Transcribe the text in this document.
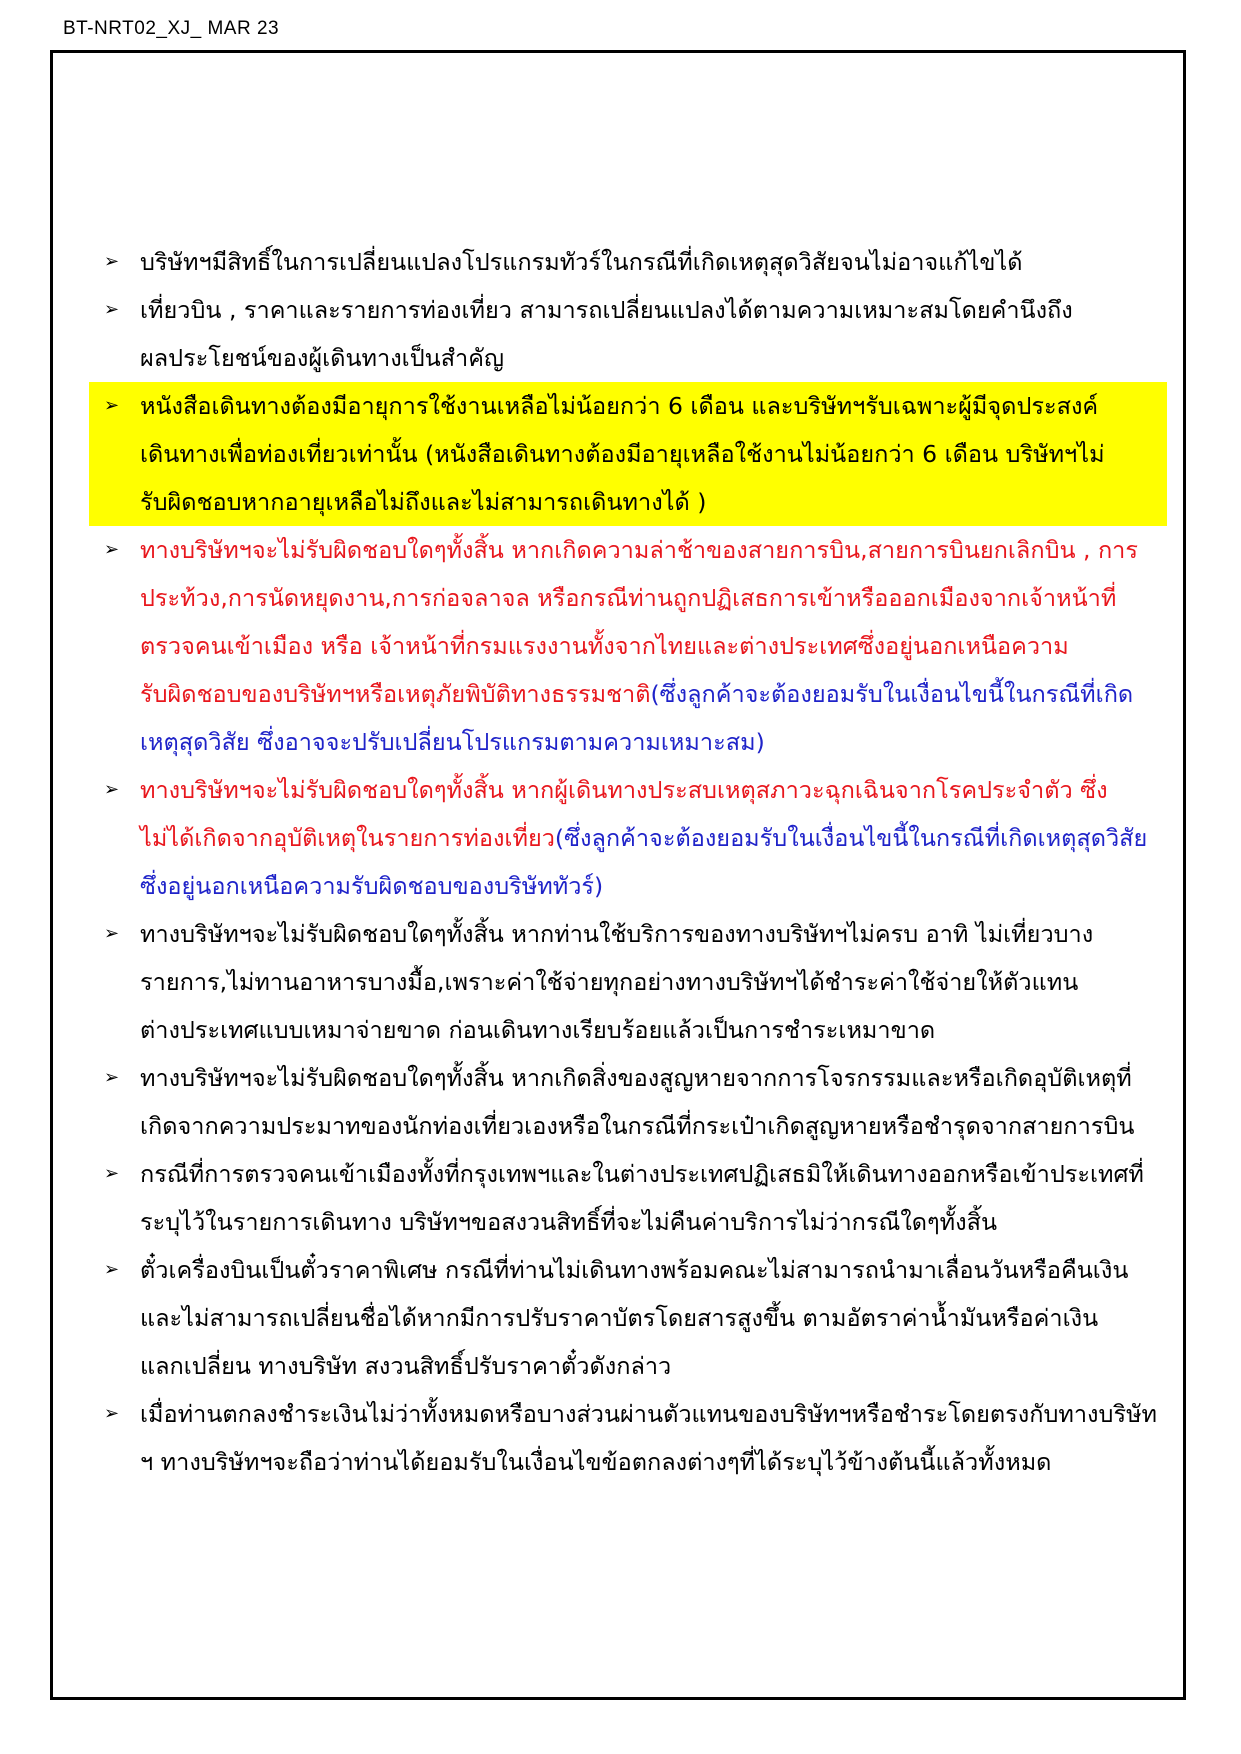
BT-NRT02_XJ_ MAR 23
➢ บริษัทฯมีสิทธิ์ในการเปลี่ยนแปลงโปรแกรมทัวร์ในกรณีที่เกิดเหตุสุดวิสัยจนไม่อาจแก้ไขได้
➢ เที่ยวบิน , ราคาและรายการท่องเที่ยว สามารถเปลี่ยนแปลงได้ตามความเหมาะสมโดยคำนึงถึง
ผลประโยชน์ของผู้เดินทางเป็นสำคัญ
➢ หนังสือเดินทางต้องมีอายุการใช้งานเหลือไม่น้อยกว่า 6 เดือน และบริษัทฯรับเฉพาะผู้มีจุดประสงค์
เดินทางเพื่อท่องเที่ยวเท่านั้น (หนังสือเดินทางต้องมีอายุเหลือใช้งานไม่น้อยกว่า 6 เดือน บริษัทฯไม่
รับผิดชอบหากอายุเหลือไม่ถึงและไม่สามารถเดินทางได้ )
➢ ทางบริษัทฯจะไม่รับผิดชอบใดๆทั้งสิ้น หากเกิดความล่าช้าของสายการบิน,สายการบินยกเลิกบิน , การ
ประท้วง,การนัดหยุดงาน,การก่อจลาจล หรือกรณีท่านถูกปฏิเสธการเข้าหรือออกเมืองจากเจ้าหน้าที่
ตรวจคนเข้าเมือง หรือ เจ้าหน้าที่กรมแรงงานทั้งจากไทยและต่างประเทศซึ่งอยู่นอกเหนือความ
รับผิดชอบของบริษัทฯหรือเหตุภัยพิบัติทางธรรมชาติ(ซึ่งลูกค้าจะต้องยอมรับในเงื่อนไขนี้ในกรณีที่เกิด
เหตุสุดวิสัย ซึ่งอาจจะปรับเปลี่ยนโปรแกรมตามความเหมาะสม)
➢ ทางบริษัทฯจะไม่รับผิดชอบใดๆทั้งสิ้น หากผู้เดินทางประสบเหตุสภาวะฉุกเฉินจากโรคประจำตัว ซึ่ง
ไม่ได้เกิดจากอุบัติเหตุในรายการท่องเที่ยว(ซึ่งลูกค้าจะต้องยอมรับในเงื่อนไขนี้ในกรณีที่เกิดเหตุสุดวิสัย
ซึ่งอยู่นอกเหนือความรับผิดชอบของบริษัททัวร์)
➢ ทางบริษัทฯจะไม่รับผิดชอบใดๆทั้งสิ้น หากท่านใช้บริการของทางบริษัทฯไม่ครบ อาทิ ไม่เที่ยวบาง
รายการ,ไม่ทานอาหารบางมื้อ,เพราะค่าใช้จ่ายทุกอย่างทางบริษัทฯได้ชำระค่าใช้จ่ายให้ตัวแทน
ต่างประเทศแบบเหมาจ่ายขาด ก่อนเดินทางเรียบร้อยแล้วเป็นการชำระเหมาขาด
➢ ทางบริษัทฯจะไม่รับผิดชอบใดๆทั้งสิ้น หากเกิดสิ่งของสูญหายจากการโจรกรรมและหรือเกิดอุบัติเหตุที่
เกิดจากความประมาทของนักท่องเที่ยวเองหรือในกรณีที่กระเป๋าเกิดสูญหายหรือชำรุดจากสายการบิน
➢ กรณีที่การตรวจคนเข้าเมืองทั้งที่กรุงเทพฯและในต่างประเทศปฏิเสธมิให้เดินทางออกหรือเข้าประเทศที่
ระบุไว้ในรายการเดินทาง บริษัทฯขอสงวนสิทธิ์ที่จะไม่คืนค่าบริการไม่ว่ากรณีใดๆทั้งสิ้น
➢ ตั๋วเครื่องบินเป็นตั๋วราคาพิเศษ กรณีที่ท่านไม่เดินทางพร้อมคณะไม่สามารถนำมาเลื่อนวันหรือคืนเงิน
และไม่สามารถเปลี่ยนชื่อได้หากมีการปรับราคาบัตรโดยสารสูงขึ้น ตามอัตราค่าน้ำมันหรือค่าเงิน
แลกเปลี่ยน ทางบริษัท สงวนสิทธิ์ปรับราคาตั๋วดังกล่าว
➢ เมื่อท่านตกลงชำระเงินไม่ว่าทั้งหมดหรือบางส่วนผ่านตัวแทนของบริษัทฯหรือชำระโดยตรงกับทางบริษัท
ฯ ทางบริษัทฯจะถือว่าท่านได้ยอมรับในเงื่อนไขข้อตกลงต่างๆที่ได้ระบุไว้ข้างต้นนี้แล้วทั้งหมด
